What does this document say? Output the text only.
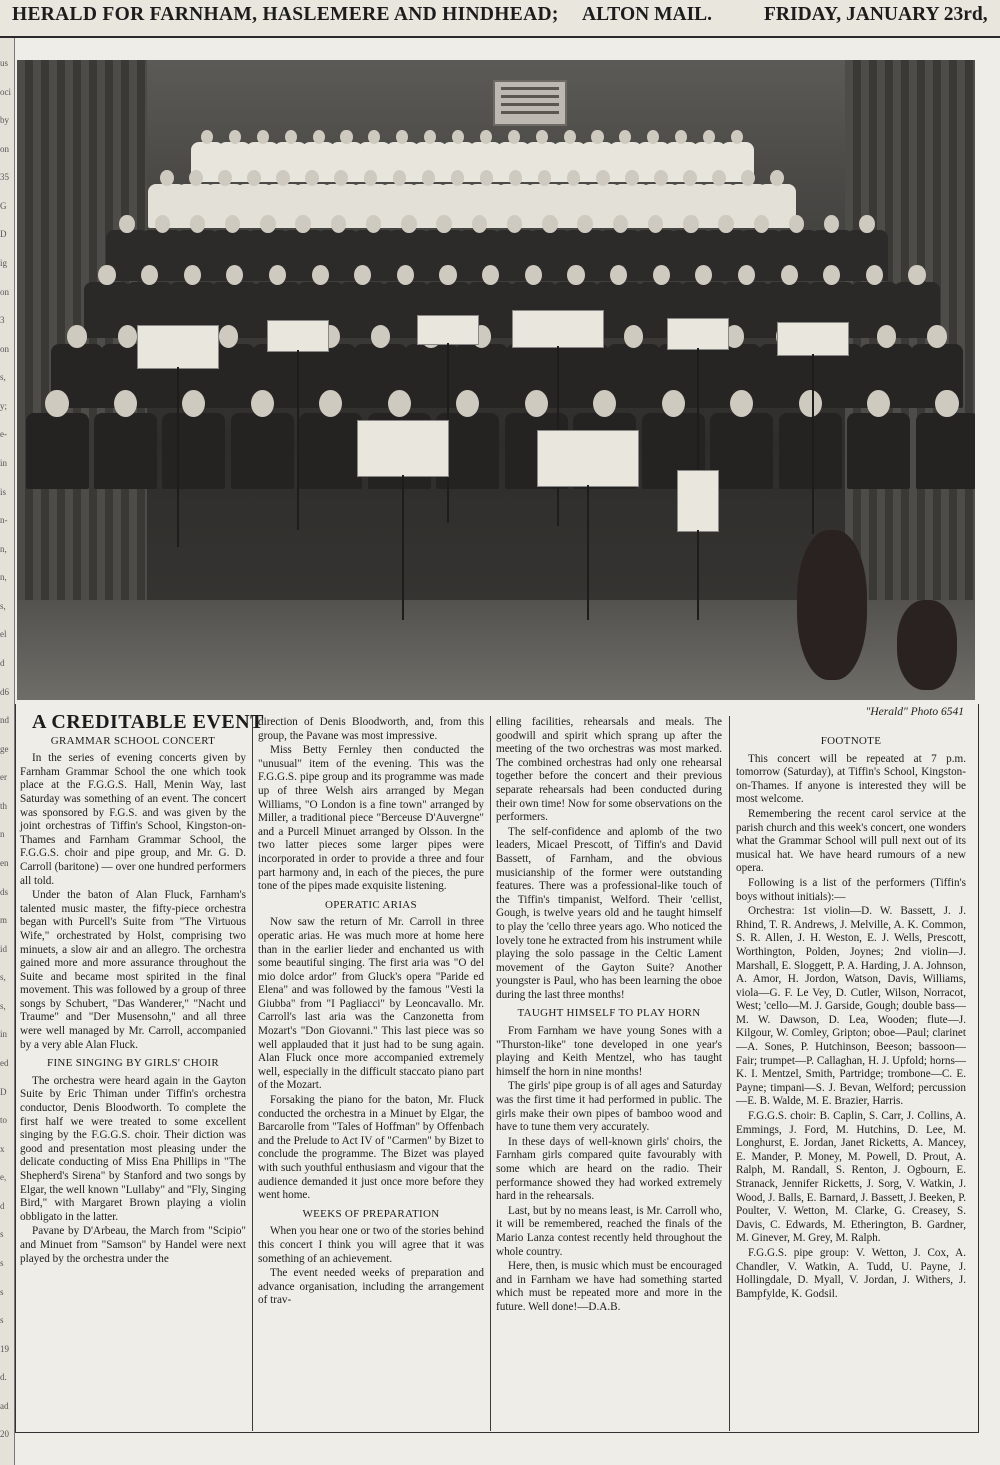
HERALD FOR FARNHAM, HASLEMERE AND HINDHEAD; ALTON MAIL.	FRIDAY, JANUARY 23rd,
us
oci
by
on
35
G
D
ig
on
3
on
s,
y;
e-
in
is
n-
n,
n,
s,
el
d
d6
nd
ge
er
th
n
en
ds
m
id
s,
s,
in
ed
D
to
x
e,
d
s
s
s
s
19
d.
ad
20
"Herald" Photo 6541

A CREDITABLE EVENT

GRAMMAR SCHOOL CONCERT

In the series of evening concerts given by Farnham Grammar School the one which took place at the F.G.G.S. Hall, Menin Way, last Saturday was something of an event. The concert was sponsored by F.G.S. and was given by the joint orchestras of Tiffin's School, Kingston-on-Thames and Farnham Grammar School, the F.G.G.S. choir and pipe group, and Mr. G. D. Carroll (baritone) — over one hundred performers all told.

Under the baton of Alan Fluck, Farnham's talented music master, the fifty-piece orchestra began with Purcell's Suite from "The Virtuous Wife," orchestrated by Holst, comprising two minuets, a slow air and an allegro. The orchestra gained more and more assurance throughout the Suite and became most spirited in the final movement. This was followed by a group of three songs by Schubert, "Das Wanderer," "Nacht und Traume" and "Der Musensohn," and all three were well managed by Mr. Carroll, accompanied by a very able Alan Fluck.

FINE SINGING BY GIRLS' CHOIR

The orchestra were heard again in the Gayton Suite by Eric Thiman under Tiffin's orchestra conductor, Denis Bloodworth. To complete the first half we were treated to some excellent singing by the F.G.G.S. choir. Their diction was good and presentation most pleasing under the delicate conducting of Miss Ena Phillips in "The Shepherd's Sirena" by Stanford and two songs by Elgar, the well known "Lullaby" and "Fly, Singing Bird," with Margaret Brown playing a violin obbligato in the latter.

Pavane by D'Arbeau, the March from "Scipio" and Minuet from "Samson" by Handel were next played by the orchestra under the

direction of Denis Bloodworth, and, from this group, the Pavane was most impressive.

Miss Betty Fernley then conducted the "unusual" item of the evening. This was the F.G.G.S. pipe group and its programme was made up of three Welsh airs arranged by Megan Williams, "O London is a fine town" arranged by Miller, a traditional piece "Berceuse D'Auvergne" and a Purcell Minuet arranged by Olsson. In the two latter pieces some larger pipes were incorporated in order to provide a three and four part harmony and, in each of the pieces, the pure tone of the pipes made exquisite listening.

OPERATIC ARIAS

Now saw the return of Mr. Carroll in three operatic arias. He was much more at home here than in the earlier lieder and enchanted us with some beautiful singing. The first aria was "O del mio dolce ardor" from Gluck's opera "Paride ed Elena" and was followed by the famous "Vesti la Giubba" from "I Pagliacci" by Leoncavallo. Mr. Carroll's last aria was the Canzonetta from Mozart's "Don Giovanni." This last piece was so well applauded that it just had to be sung again. Alan Fluck once more accompanied extremely well, especially in the difficult staccato piano part of the Mozart.

Forsaking the piano for the baton, Mr. Fluck conducted the orchestra in a Minuet by Elgar, the Barcarolle from "Tales of Hoffman" by Offenbach and the Prelude to Act IV of "Carmen" by Bizet to conclude the programme. The Bizet was played with such youthful enthusiasm and vigour that the audience demanded it just once more before they went home.

WEEKS OF PREPARATION

When you hear one or two of the stories behind this concert I think you will agree that it was something of an achievement.

The event needed weeks of preparation and advance organisation, including the arrangement of trav-

elling facilities, rehearsals and meals. The goodwill and spirit which sprang up after the meeting of the two orchestras was most marked. The combined orchestras had only one rehearsal together before the concert and their previous separate rehearsals had been conducted during their own time! Now for some observations on the performers.

The self-confidence and aplomb of the two leaders, Micael Prescott, of Tiffin's and David Bassett, of Farnham, and the obvious musicianship of the former were outstanding features. There was a professional-like touch of the Tiffin's timpanist, Welford. Their 'cellist, Gough, is twelve years old and he taught himself to play the 'cello three years ago. Who noticed the lovely tone he extracted from his instrument while playing the solo passage in the Celtic Lament movement of the Gayton Suite? Another youngster is Paul, who has been learning the oboe during the last three months!

TAUGHT HIMSELF TO PLAY HORN

From Farnham we have young Sones with a "Thurston-like" tone developed in one year's playing and Keith Mentzel, who has taught himself the horn in nine months!

The girls' pipe group is of all ages and Saturday was the first time it had performed in public. The girls make their own pipes of bamboo wood and have to tune them very accurately.

In these days of well-known girls' choirs, the Farnham girls compared quite favourably with some which are heard on the radio. Their performance showed they had worked extremely hard in the rehearsals.

Last, but by no means least, is Mr. Carroll who, it will be remembered, reached the finals of the Mario Lanza contest recently held throughout the whole country.

Here, then, is music which must be encouraged and in Farnham we have had something started which must be repeated more and more in the future. Well done!—D.A.B.

FOOTNOTE

This concert will be repeated at 7 p.m. tomorrow (Saturday), at Tiffin's School, Kingston-on-Thames. If anyone is interested they will be most welcome.

Remembering the recent carol service at the parish church and this week's concert, one wonders what the Grammar School will pull next out of its musical hat. We have heard rumours of a new opera.

Following is a list of the performers (Tiffin's boys without initials):—

Orchestra: 1st violin—D. W. Bassett, J. J. Rhind, T. R. Andrews, J. Melville, A. K. Common, S. R. Allen, J. H. Weston, E. J. Wells, Prescott, Worthington, Polden, Joynes; 2nd violin—J. Marshall, E. Sloggett, P. A. Harding, J. A. Johnson, A. Amor, H. Jordon, Watson, Davis, Williams, viola—G. F. Le Vey, D. Cutler, Wilson, Norracot, West; 'cello—M. J. Garside, Gough; double bass—M. W. Dawson, D. Lea, Wooden; flute—J. Kilgour, W. Comley, Gripton; oboe—Paul; clarinet—A. Sones, P. Hutchinson, Beeson; bassoon—Fair; trumpet—P. Callaghan, H. J. Upfold; horns—K. I. Mentzel, Smith, Partridge; trombone—C. E. Payne; timpani—S. J. Bevan, Welford; percussion—E. B. Walde, M. E. Brazier, Harris.

F.G.G.S. choir: B. Caplin, S. Carr, J. Collins, A. Emmings, J. Ford, M. Hutchins, D. Lee, M. Longhurst, E. Jordan, Janet Ricketts, A. Mancey, E. Mander, P. Money, M. Powell, D. Prout, A. Ralph, M. Randall, S. Renton, J. Ogbourn, E. Stranack, Jennifer Ricketts, J. Sorg, V. Watkin, J. Wood, J. Balls, E. Barnard, J. Bassett, J. Beeken, P. Poulter, V. Wetton, M. Clarke, G. Creasey, S. Davis, C. Edwards, M. Etherington, B. Gardner, M. Ginever, M. Grey, M. Ralph.

F.G.G.S. pipe group: V. Wetton, J. Cox, A. Chandler, V. Watkin, A. Tudd, U. Payne, J. Hollingdale, D. Myall, V. Jordan, J. Withers, J. Bampfylde, K. Godsil.
